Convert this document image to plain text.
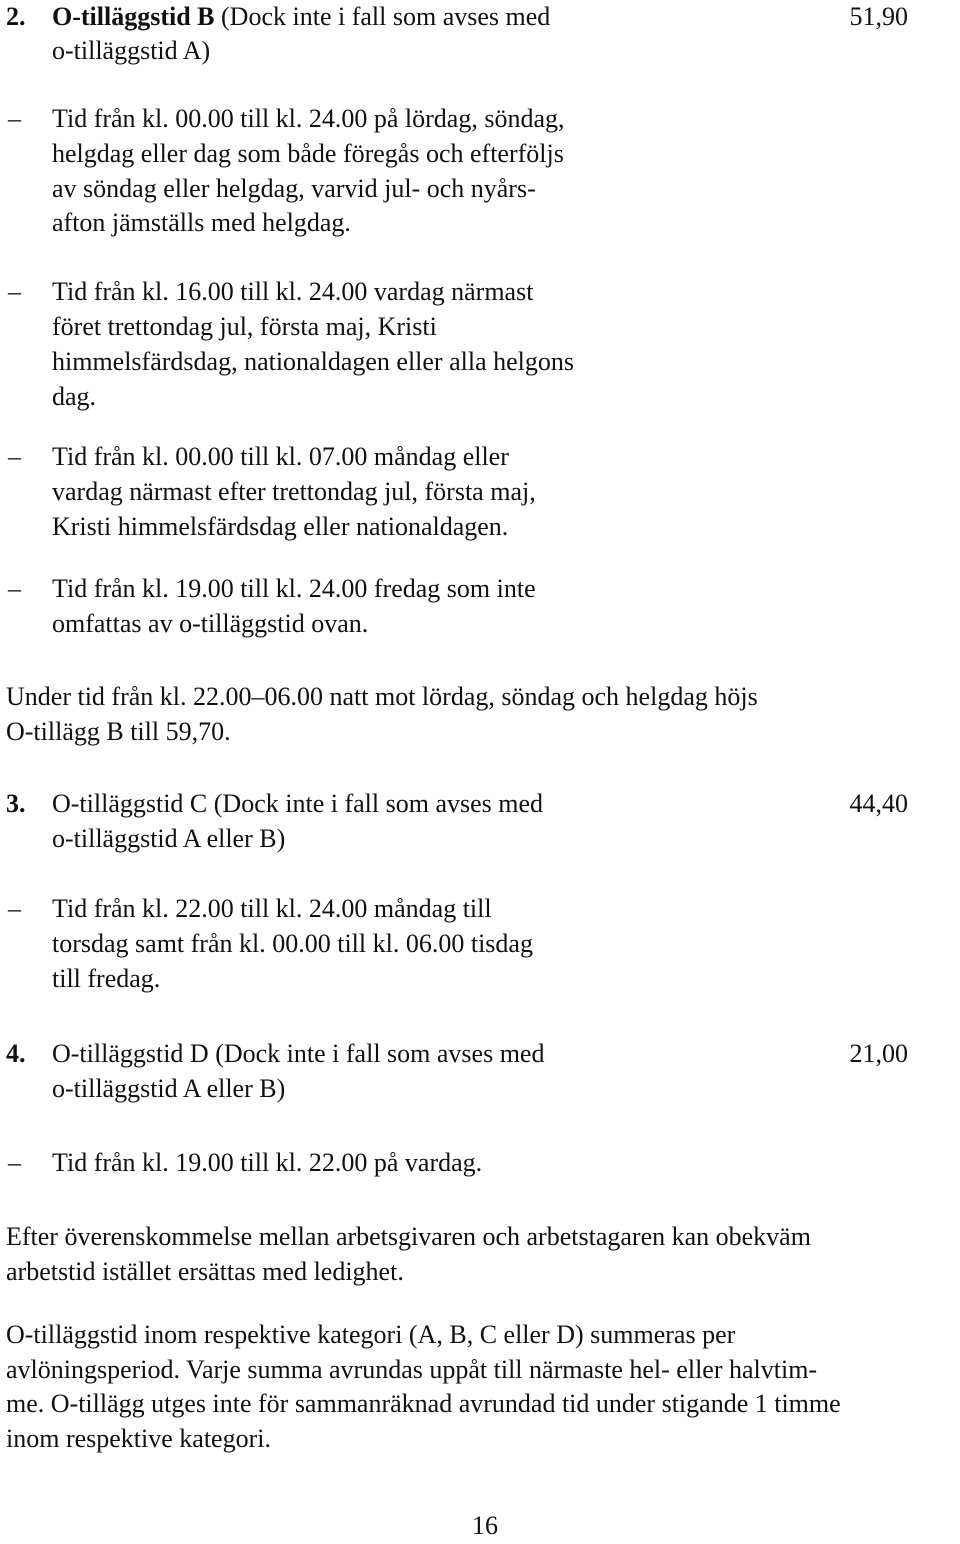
2. O-tilläggstid B (Dock inte i fall som avses med	51,90
o-tilläggstid A)
– Tid från kl. 00.00 till kl. 24.00 på lördag, söndag,
helgdag eller dag som både föregås och efterföljs
av söndag eller helgdag, varvid jul- och nyårs-
afton jämställs med helgdag.
– Tid från kl. 16.00 till kl. 24.00 vardag närmast
föret trettondag jul, första maj, Kristi
himmelsfärdsdag, nationaldagen eller alla helgons
dag.
– Tid från kl. 00.00 till kl. 07.00 måndag eller
vardag närmast efter trettondag jul, första maj,
Kristi himmelsfärdsdag eller nationaldagen.
– Tid från kl. 19.00 till kl. 24.00 fredag som inte
omfattas av o-tilläggstid ovan.
Under tid från kl. 22.00–06.00 natt mot lördag, söndag och helgdag höjs
O-tillägg B till 59,70.
3. O-tilläggstid C (Dock inte i fall som avses med	44,40
o-tilläggstid A eller B)
– Tid från kl. 22.00 till kl. 24.00 måndag till
torsdag samt från kl. 00.00 till kl. 06.00 tisdag
till fredag.
4. O-tilläggstid D (Dock inte i fall som avses med	21,00
o-tilläggstid A eller B)
– Tid från kl. 19.00 till kl. 22.00 på vardag.
Efter överenskommelse mellan arbetsgivaren och arbetstagaren kan obekväm
arbetstid istället ersättas med ledighet.
O-tilläggstid inom respektive kategori (A, B, C eller D) summeras per
avlöningsperiod. Varje summa avrundas uppåt till närmaste hel- eller halvtim-
me. O-tillägg utges inte för sammanräknad avrundad tid under stigande 1 timme
inom respektive kategori.
16
